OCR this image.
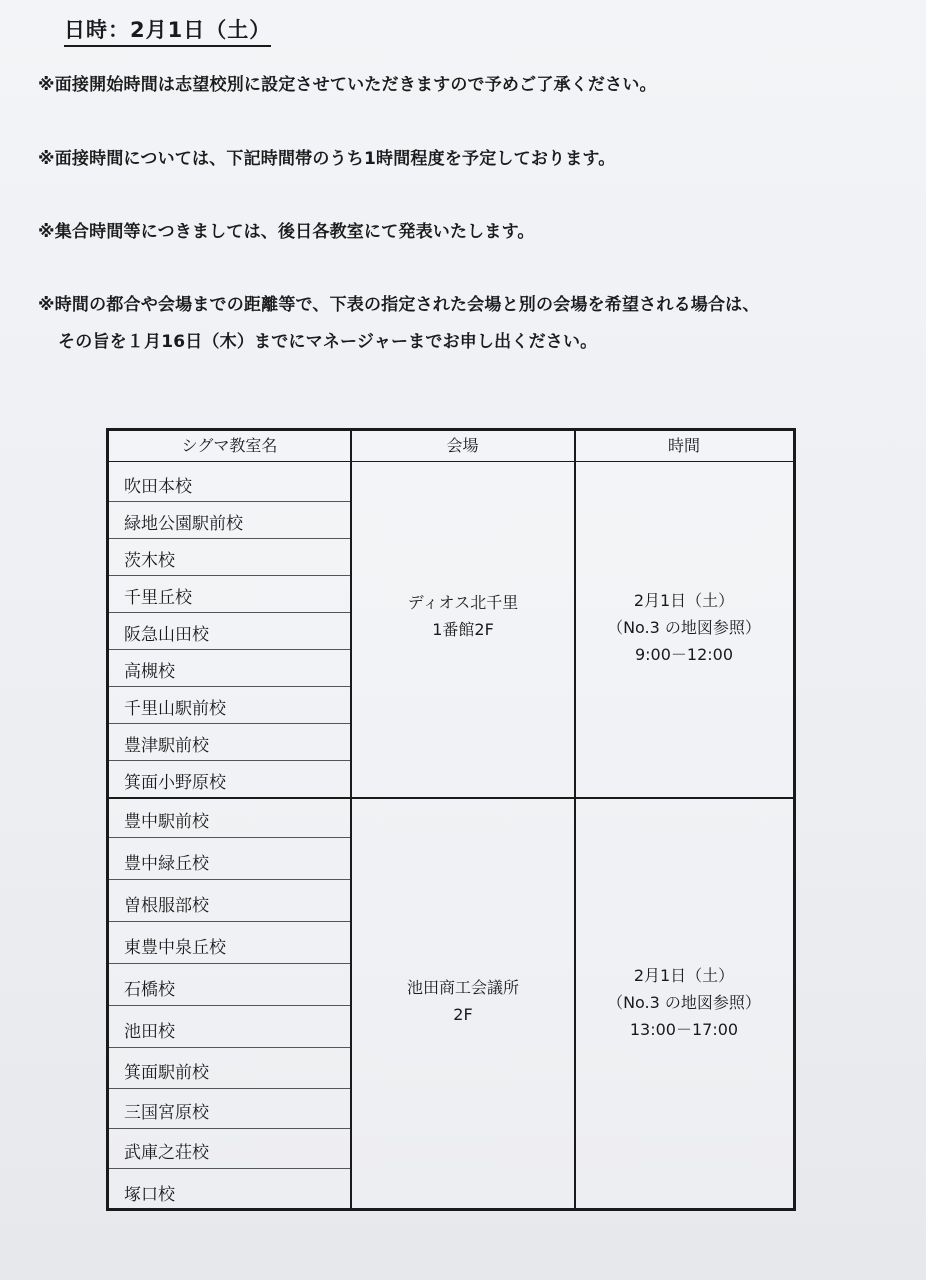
日時：2月1日（土）
※面接開始時間は志望校別に設定させていただきますので予めご了承ください。
※面接時間については、下記時間帯のうち1時間程度を予定しております。
※集合時間等につきましては、後日各教室にて発表いたします。
※時間の都合や会場までの距離等で、下表の指定された会場と別の会場を希望される場合は、
その旨を１月16日（木）までにマネージャーまでお申し出ください。
シグマ教室名	会場	時間
吹田本校
緑地公園駅前校
茨木校
千里丘校
阪急山田校
高槻校
千里山駅前校
豊津駅前校
箕面小野原校
ディオス北千里
1番館2F
2月1日（土）
（No.3 の地図参照）
9:00－12:00
豊中駅前校
豊中緑丘校
曽根服部校
東豊中泉丘校
石橋校
池田校
箕面駅前校
三国宮原校
武庫之荘校
塚口校
池田商工会議所
2F
2月1日（土）
（No.3 の地図参照）
13:00－17:00
